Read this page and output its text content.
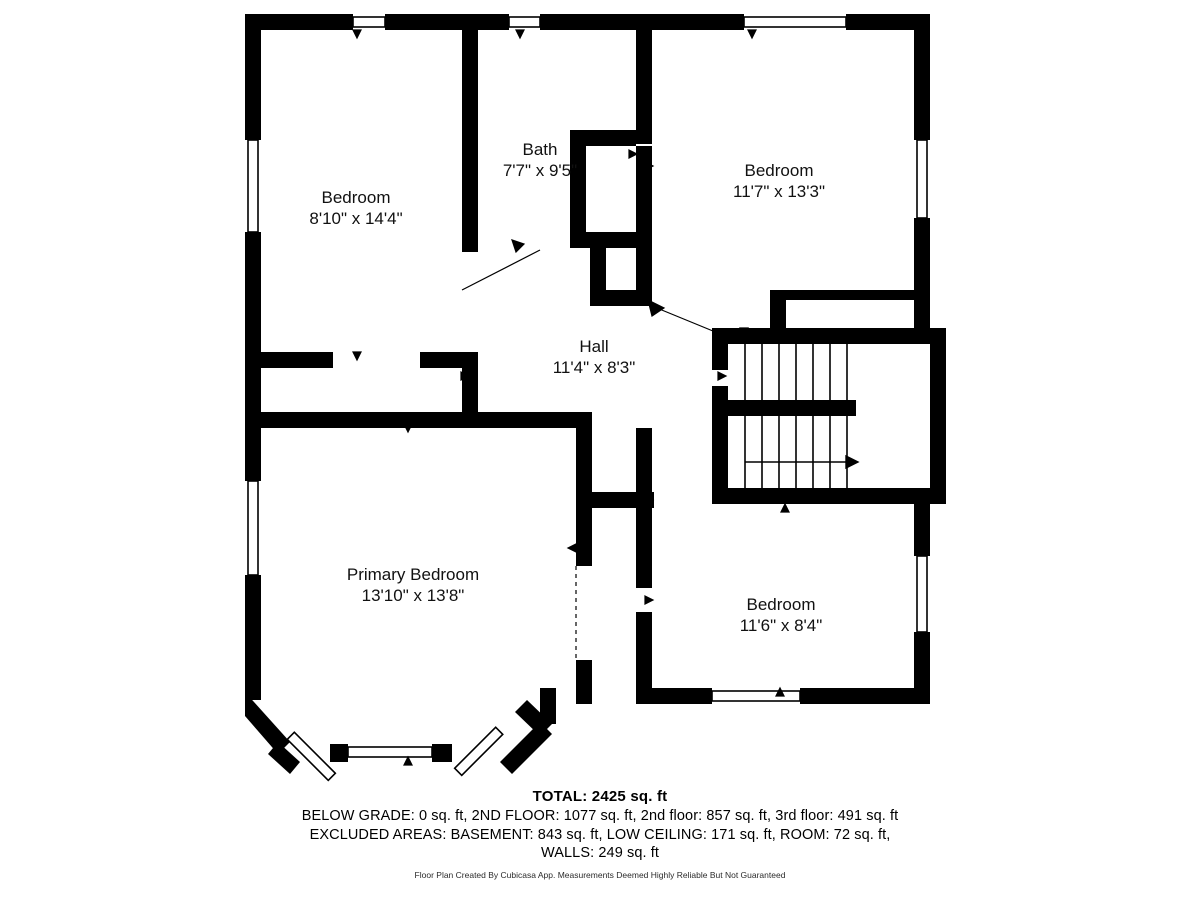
Bedroom
8'10" x 14'4"
Bath
7'7" x 9'5"	Bedroom
11'7" x 13'3"
Hall
11'4" x 8'3"
Primary Bedroom
13'10" x 13'8"	Bedroom
11'6" x 8'4"
TOTAL: 2425 sq. ft
BELOW GRADE: 0 sq. ft, 2ND FLOOR: 1077 sq. ft, 2nd floor: 857 sq. ft, 3rd floor: 491 sq. ft
EXCLUDED AREAS: BASEMENT: 843 sq. ft, LOW CEILING: 171 sq. ft, ROOM: 72 sq. ft,
WALLS: 249 sq. ft
Floor Plan Created By Cubicasa App. Measurements Deemed Highly Reliable But Not Guaranteed
